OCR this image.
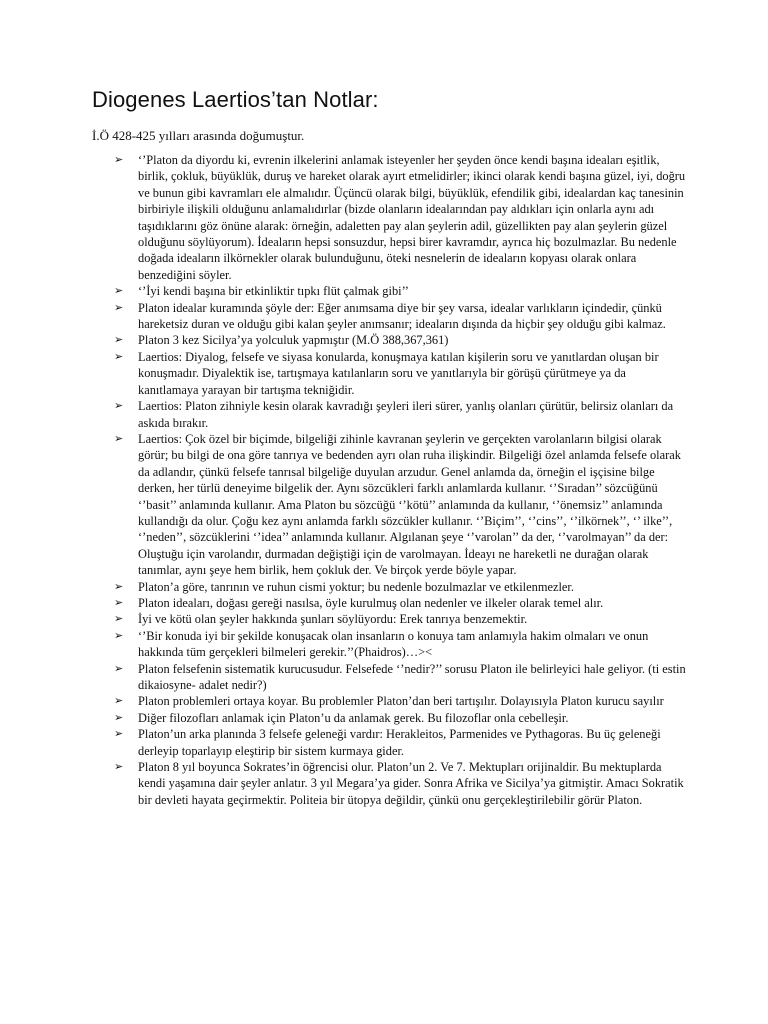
Diogenes Laertios’tan Notlar:

İ.Ö 428-425 yılları arasında doğumuştur.

➢ ‘’Platon da diyordu ki, evrenin ilkelerini anlamak isteyenler her şeyden önce kendi başına ideaları eşitlik, birlik, çokluk, büyüklük, duruş ve hareket olarak ayırt etmelidirler; ikinci olarak kendi başına güzel, iyi, doğru ve bunun gibi kavramları ele almalıdır. Üçüncü olarak bilgi, büyüklük, efendilik gibi, idealardan kaç tanesinin birbiriyle ilişkili olduğunu anlamalıdırlar (bizde olanların idealarından pay aldıkları için onlarla aynı adı taşıdıklarını göz önüne alarak: örneğin, adaletten pay alan şeylerin adil, güzellikten pay alan şeylerin güzel olduğunu söylüyorum). İdeaların hepsi sonsuzdur, hepsi birer kavramdır, ayrıca hiç bozulmazlar. Bu nedenle doğada ideaların ilkörnekler olarak bulunduğunu, öteki nesnelerin de ideaların kopyası olarak onlara benzediğini söyler.
➢ ‘’İyi kendi başına bir etkinliktir tıpkı flüt çalmak gibi’’
➢ Platon idealar kuramında şöyle der: Eğer anımsama diye bir şey varsa, idealar varlıkların içindedir, çünkü hareketsiz duran ve olduğu gibi kalan şeyler anımsanır; ideaların dışında da hiçbir şey olduğu gibi kalmaz.
➢ Platon 3 kez Sicilya’ya yolculuk yapmıştır (M.Ö 388,367,361)
➢ Laertios: Diyalog, felsefe ve siyasa konularda, konuşmaya katılan kişilerin soru ve yanıtlardan oluşan bir konuşmadır. Diyalektik ise, tartışmaya katılanların soru ve yanıtlarıyla bir görüşü çürütmeye ya da kanıtlamaya yarayan bir tartışma tekniğidir.
➢ Laertios: Platon zihniyle kesin olarak kavradığı şeyleri ileri sürer, yanlış olanları çürütür, belirsiz olanları da askıda bırakır.
➢ Laertios: Çok özel bir biçimde, bilgeliği zihinle kavranan şeylerin ve gerçekten varolanların bilgisi olarak görür; bu bilgi de ona göre tanrıya ve bedenden ayrı olan ruha ilişkindir. Bilgeliği özel anlamda felsefe olarak da adlandır, çünkü felsefe tanrısal bilgeliğe duyulan arzudur. Genel anlamda da, örneğin el işçisine bilge derken, her türlü deneyime bilgelik der. Aynı sözcükleri farklı anlamlarda kullanır. ‘’Sıradan’’ sözcüğünü ‘’basit’’ anlamında kullanır. Ama Platon bu sözcüğü ‘’kötü’’ anlamında da kullanır, ‘’önemsiz’’ anlamında kullandığı da olur. Çoğu kez aynı anlamda farklı sözcükler kullanır. ‘’Biçim’’, ‘’cins’’, ‘’ilkörnek’’, ‘’ ilke’’, ‘’neden’’, sözcüklerini ‘’idea’’ anlamında kullanır. Algılanan şeye ‘’varolan’’ da der, ‘’varolmayan’’ da der: Oluştuğu için varolandır, durmadan değiştiği için de varolmayan. İdeayı ne hareketli ne durağan olarak tanımlar, aynı şeye hem birlik, hem çokluk der. Ve birçok yerde böyle yapar.
➢ Platon’a göre, tanrının ve ruhun cismi yoktur; bu nedenle bozulmazlar ve etkilenmezler.
➢ Platon ideaları, doğası gereği nasılsa, öyle kurulmuş olan nedenler ve ilkeler olarak temel alır.
➢ İyi ve kötü olan şeyler hakkında şunları söylüyordu: Erek tanrıya benzemektir.
➢ ‘’Bir konuda iyi bir şekilde konuşacak olan insanların o konuya tam anlamıyla hakim olmaları ve onun hakkında tüm gerçekleri bilmeleri gerekir.’’(Phaidros)…><
➢ Platon felsefenin sistematik kurucusudur. Felsefede ‘’nedir?’’ sorusu Platon ile belirleyici hale geliyor. (ti estin dikaiosyne- adalet nedir?)
➢ Platon problemleri ortaya koyar. Bu problemler Platon’dan beri tartışılır. Dolayısıyla Platon kurucu sayılır
➢ Diğer filozofları anlamak için Platon’u da anlamak gerek. Bu filozoflar onla cebelleşir.
➢ Platon’un arka planında 3 felsefe geleneği vardır: Herakleitos, Parmenides ve Pythagoras. Bu üç geleneği derleyip toparlayıp eleştirip bir sistem kurmaya gider.
➢ Platon 8 yıl boyunca Sokrates’in öğrencisi olur. Platon’un 2. Ve 7. Mektupları orijinaldir. Bu mektuplarda kendi yaşamına dair şeyler anlatır. 3 yıl Megara’ya gider. Sonra Afrika ve Sicilya’ya gitmiştir. Amacı Sokratik bir devleti hayata geçirmektir. Politeia bir ütopya değildir, çünkü onu gerçekleştirilebilir görür Platon.
